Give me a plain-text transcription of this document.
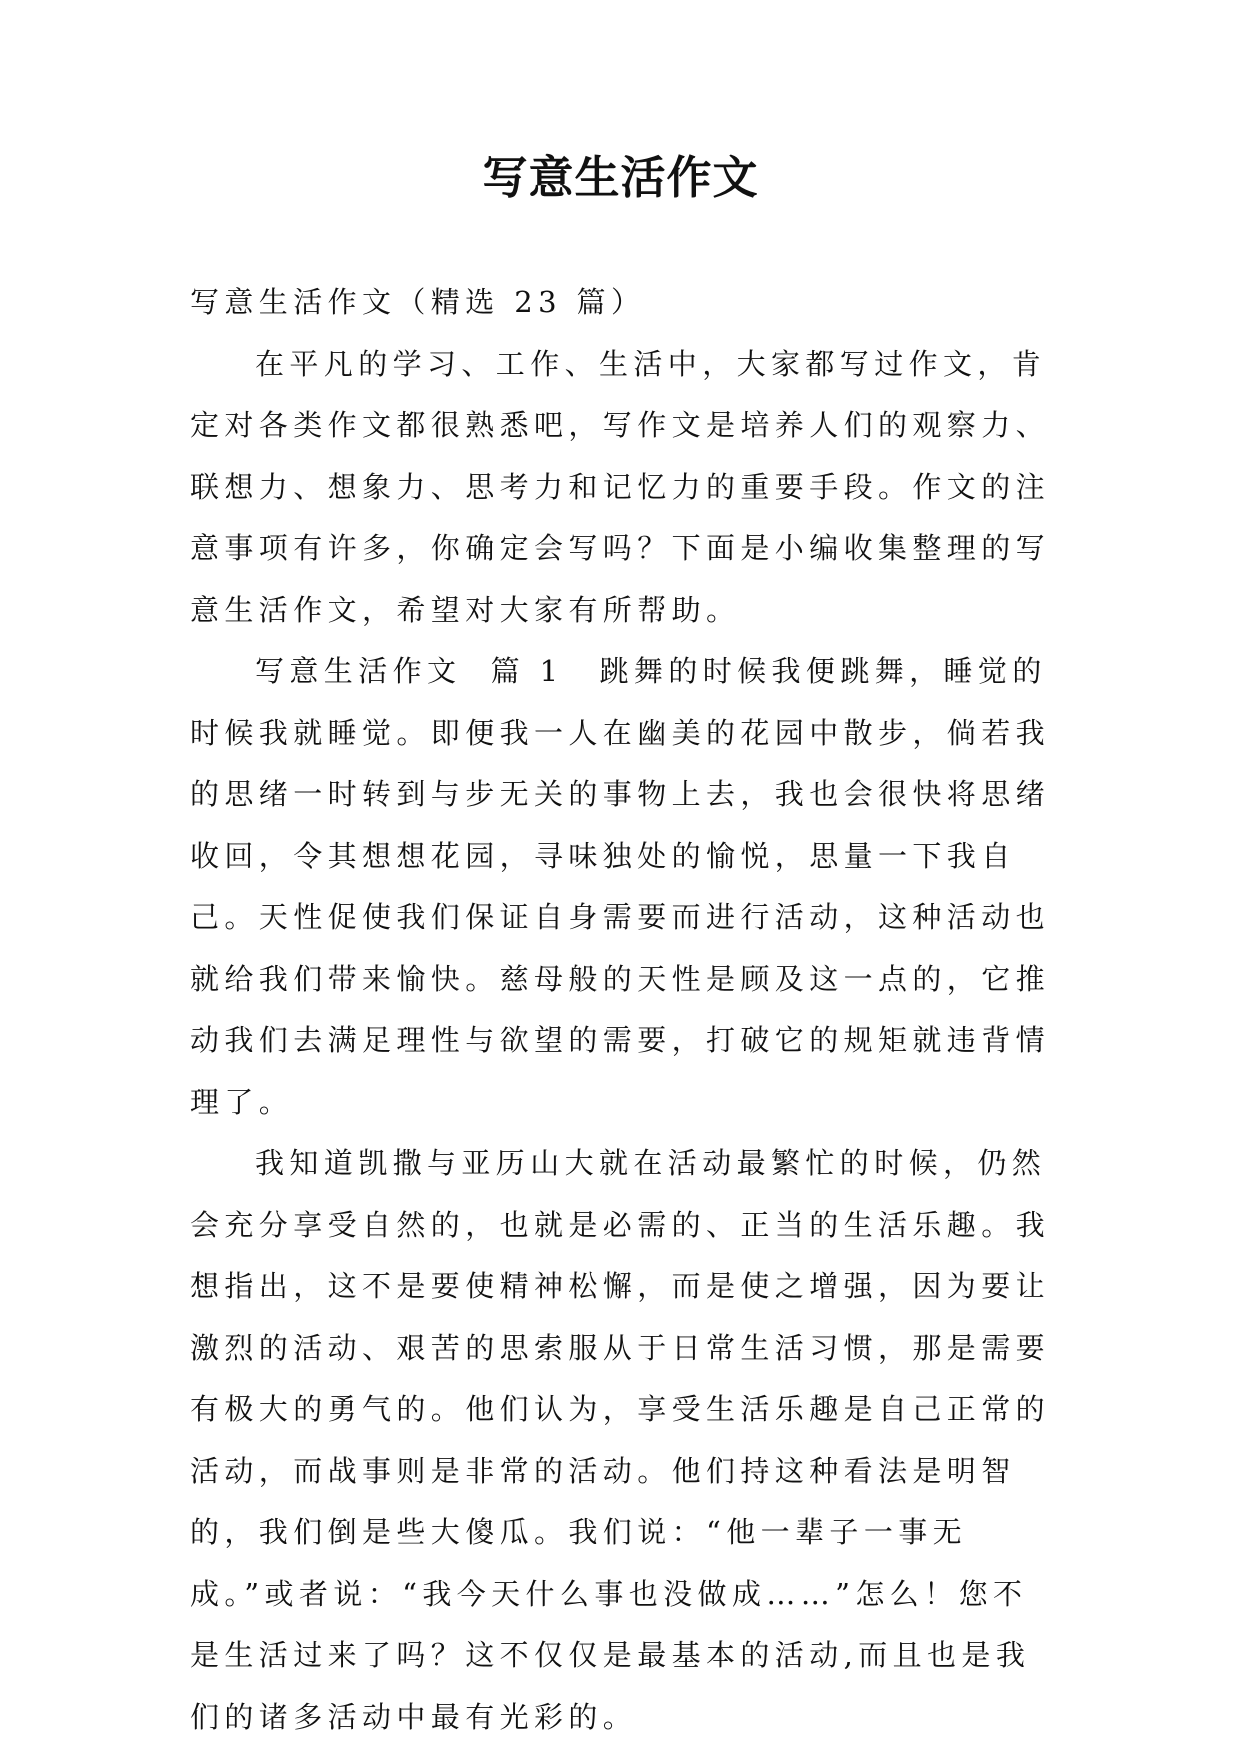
写意生活作文

写意生活作文（精选 23 篇）

在平凡的学习、工作、生活中，大家都写过作文，肯定对各类作文都很熟悉吧，写作文是培养人们的观察力、联想力、想象力、思考力和记忆力的重要手段。作文的注意事项有许多，你确定会写吗？下面是小编收集整理的写意生活作文，希望对大家有所帮助。

写意生活作文  篇 1 跳舞的时候我便跳舞，睡觉的时候我就睡觉。即便我一人在幽美的花园中散步，倘若我的思绪一时转到与步无关的事物上去，我也会很快将思绪收回，令其想想花园，寻味独处的愉悦，思量一下我自己。天性促使我们保证自身需要而进行活动，这种活动也就给我们带来愉快。慈母般的天性是顾及这一点的，它推动我们去满足理性与欲望的需要，打破它的规矩就违背情理了。

我知道凯撒与亚历山大就在活动最繁忙的时候，仍然会充分享受自然的，也就是必需的、正当的生活乐趣。我想指出，这不是要使精神松懈，而是使之增强，因为要让激烈的活动、艰苦的思索服从于日常生活习惯，那是需要有极大的勇气的。他们认为，享受生活乐趣是自己正常的活动，而战事则是非常的活动。他们持这种看法是明智的，我们倒是些大傻瓜。我们说：“他一辈子一事无成。”或者说：“我今天什么事也没做成……”怎么！您不是生活过来了吗？这不仅仅是最基本的活动,而且也是我们的诸多活动中最有光彩的。
